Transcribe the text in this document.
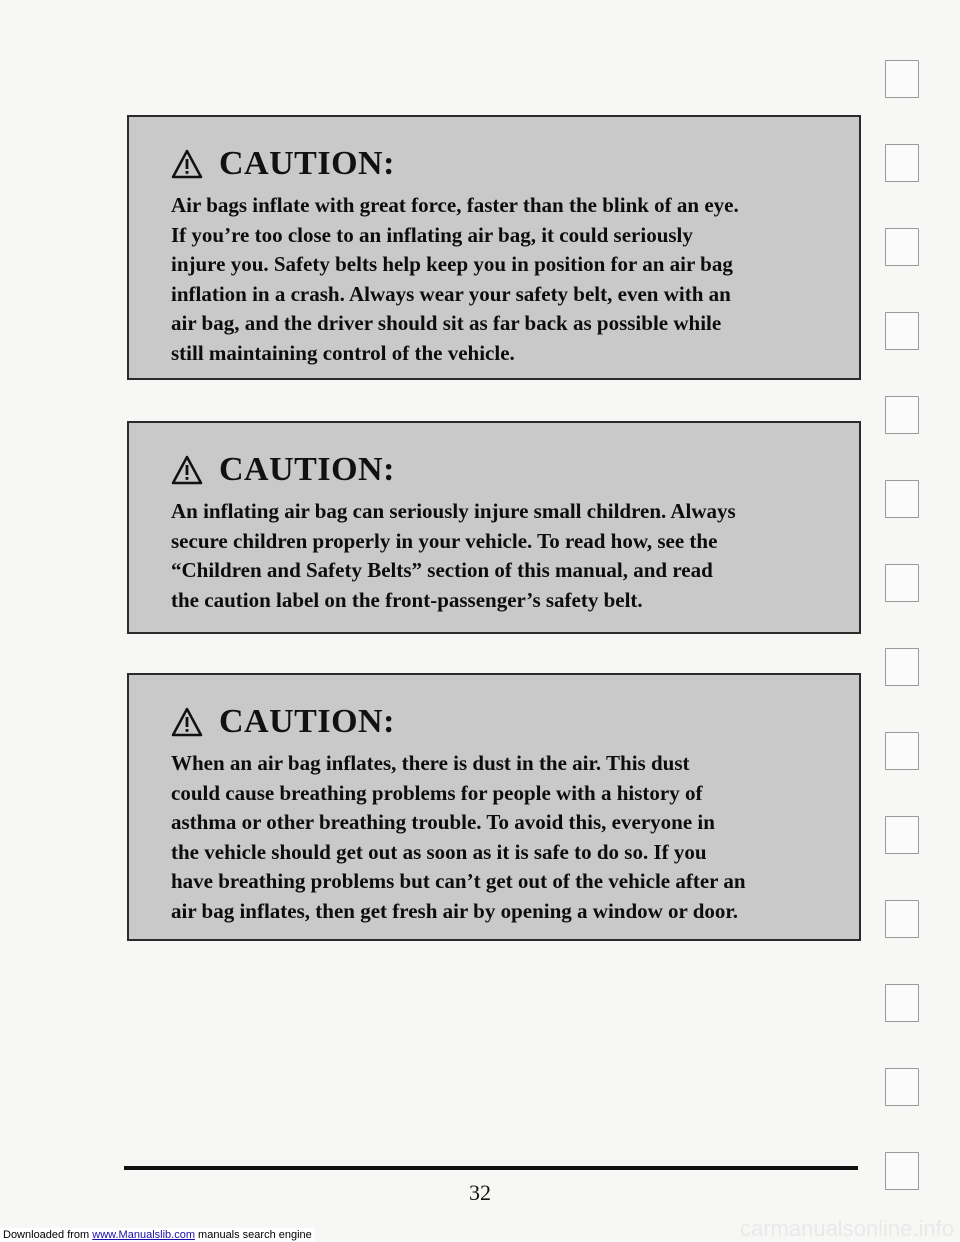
CAUTION:

Air bags inflate with great force, faster than the blink of an eye.
If you’re too close to an inflating air bag, it could seriously
injure you. Safety belts help keep you in position for an air bag
inflation in a crash. Always wear your safety belt, even with an
air bag, and the driver should sit as far back as possible while
still maintaining control of the vehicle.

CAUTION:

An inflating air bag can seriously injure small children. Always
secure children properly in your vehicle. To read how, see the
“Children and Safety Belts” section of this manual, and read
the caution label on the front-passenger’s safety belt.

CAUTION:

When an air bag inflates, there is dust in the air. This dust
could cause breathing problems for people with a history of
asthma or other breathing trouble. To avoid this, everyone in
the vehicle should get out as soon as it is safe to do so. If you
have breathing problems but can’t get out of the vehicle after an
air bag inflates, then get fresh air by opening a window or door.

32
Downloaded from www.Manualslib.com manuals search engine	carmanualsonline.info
